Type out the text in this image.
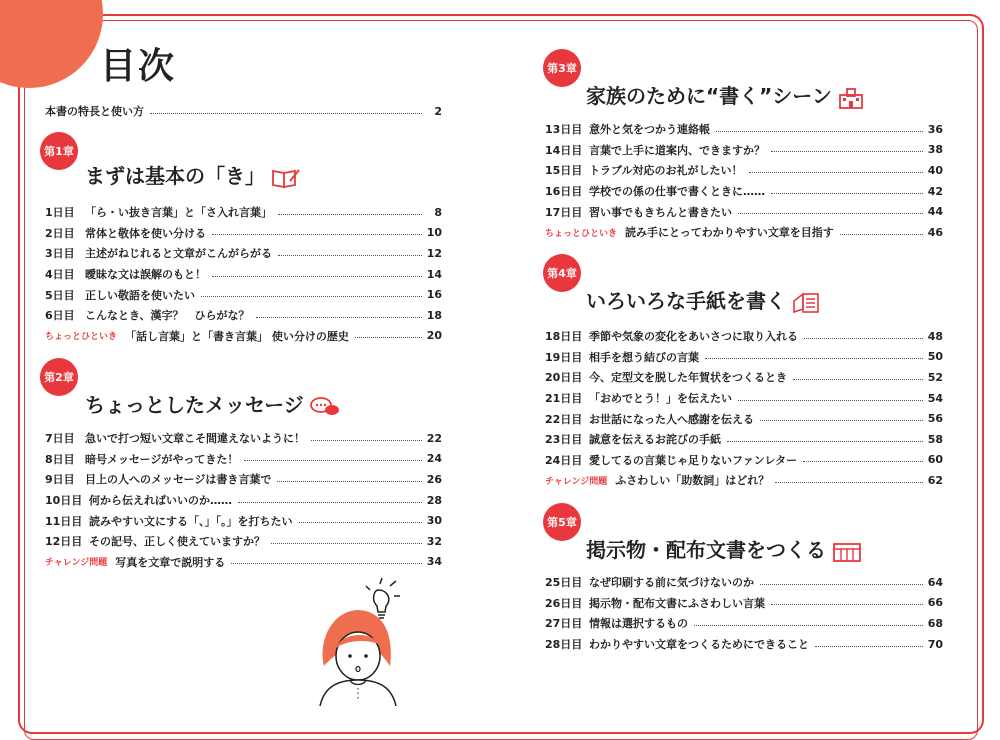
目次
本書の特長と使い方	2
第1章
まずは基本の「き」
1日目 「ら・い抜き言葉」と「さ入れ言葉」	8
2日目 常体と敬体を使い分ける	10
3日目 主述がねじれると文章がこんがらがる	12
4日目 曖昧な文は誤解のもと！	14
5日目 正しい敬語を使いたい	16
6日目 こんなとき、漢字？　ひらがな？	18
ちょっとひといき 「話し言葉」と「書き言葉」 使い分けの歴史	20
第2章
ちょっとしたメッセージ
7日目 急いで打つ短い文章こそ間違えないように！	22
8日目 暗号メッセージがやってきた！	24
9日目 目上の人へのメッセージは書き言葉で	26
10日目 何から伝えればいいのか……	28
11日目 読みやすい文にする「、」「。」を打ちたい	30
12日目 その記号、正しく使えていますか？	32
チャレンジ問題 写真を文章で説明する	34
第3章
家族のために“書く”シーン
13日目 意外と気をつかう連絡帳	36
14日目 言葉で上手に道案内、できますか？	38
15日目 トラブル対応のお礼がしたい！	40
16日目 学校での係の仕事で書くときに……	42
17日目 習い事でもきちんと書きたい	44
ちょっとひといき 読み手にとってわかりやすい文章を目指す	46
第4章
いろいろな手紙を書く
18日目 季節や気象の変化をあいさつに取り入れる	48
19日目 相手を想う結びの言葉	50
20日目 今、定型文を脱した年賀状をつくるとき	52
21日目 「おめでとう！」を伝えたい	54
22日目 お世話になった人へ感謝を伝える	56
23日目 誠意を伝えるお詫びの手紙	58
24日目 愛してるの言葉じゃ足りないファンレター	60
チャレンジ問題 ふさわしい「助数詞」はどれ？	62
第5章
掲示物・配布文書をつくる
25日目 なぜ印刷する前に気づけないのか	64
26日目 掲示物・配布文書にふさわしい言葉	66
27日目 情報は選択するもの	68
28日目 わかりやすい文章をつくるためにできること	70
